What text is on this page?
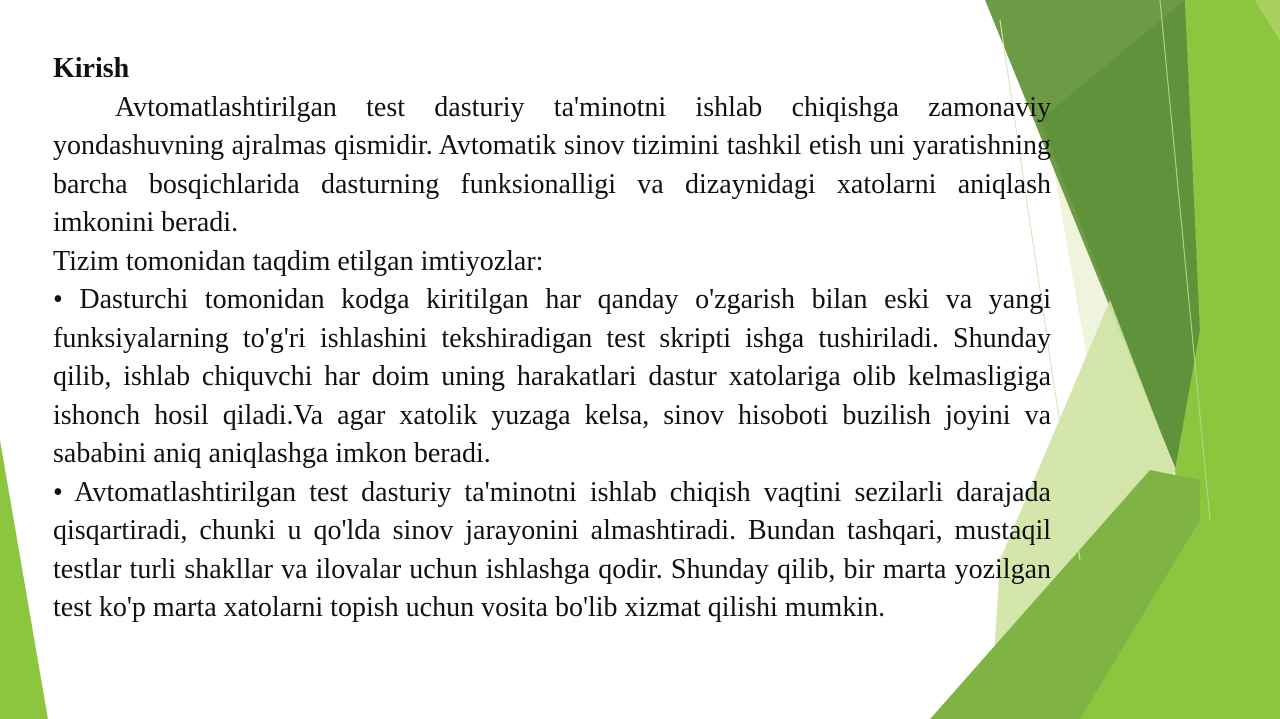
Kirish

Avtomatlashtirilgan test dasturiy ta'minotni ishlab chiqishga zamonaviy yondashuvning ajralmas qismidir. Avtomatik sinov tizimini tashkil etish uni yaratishning barcha bosqichlarida dasturning funksionalligi va dizaynidagi xatolarni aniqlash imkonini beradi.

Tizim tomonidan taqdim etilgan imtiyozlar:

• Dasturchi tomonidan kodga kiritilgan har qanday o'zgarish bilan eski va yangi funksiyalarning to'g'ri ishlashini tekshiradigan test skripti ishga tushiriladi. Shunday qilib, ishlab chiquvchi har doim uning harakatlari dastur xatolariga olib kelmasligiga ishonch hosil qiladi.Va agar xatolik yuzaga kelsa, sinov hisoboti buzilish joyini va sababini aniq aniqlashga imkon beradi.

• Avtomatlashtirilgan test dasturiy ta'minotni ishlab chiqish vaqtini sezilarli darajada qisqartiradi, chunki u qo'lda sinov jarayonini almashtiradi. Bundan tashqari, mustaqil testlar turli shakllar va ilovalar uchun ishlashga qodir. Shunday qilib, bir marta yozilgan test ko'p marta xatolarni topish uchun vosita bo'lib xizmat qilishi mumkin.
